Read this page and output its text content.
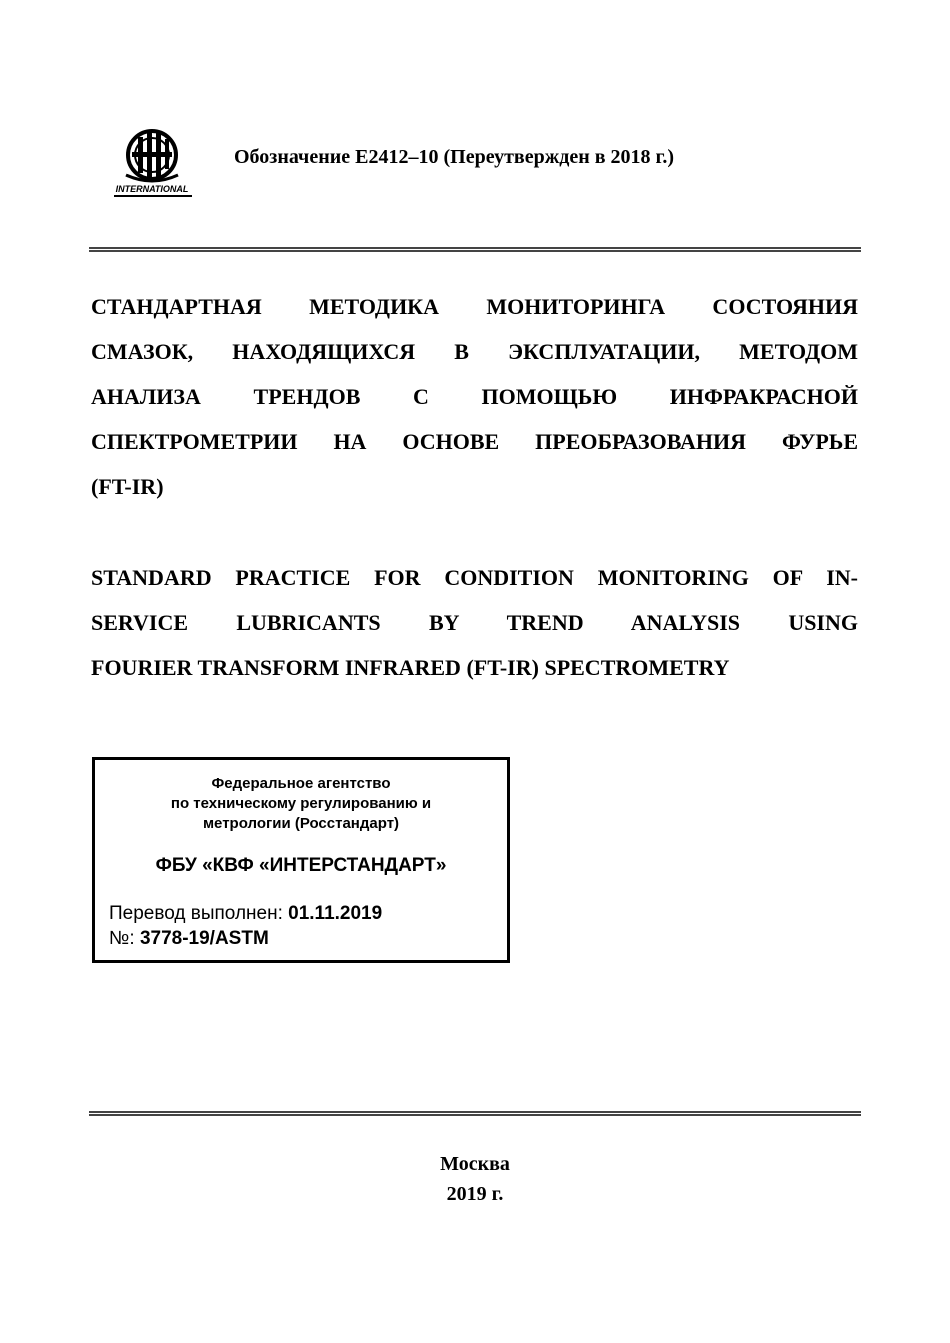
INTERNATIONAL
Обозначение E2412–10 (Переутвержден в 2018 г.)
СТАНДАРТНАЯ МЕТОДИКА МОНИТОРИНГА СОСТОЯНИЯ
СМАЗОК, НАХОДЯЩИХСЯ В ЭКСПЛУАТАЦИИ, МЕТОДОМ
АНАЛИЗА ТРЕНДОВ С ПОМОЩЬЮ ИНФРАКРАСНОЙ
СПЕКТРОМЕТРИИ НА ОСНОВЕ ПРЕОБРАЗОВАНИЯ ФУРЬЕ
(FT-IR)
STANDARD PRACTICE FOR CONDITION MONITORING OF IN-
SERVICE LUBRICANTS BY TREND ANALYSIS USING
FOURIER TRANSFORM INFRARED (FT-IR) SPECTROMETRY
Федеральное агентство
по техническому регулированию и
метрологии (Росстандарт)
ФБУ «КВФ «ИНТЕРСТАНДАРТ»
Перевод выполнен: 01.11.2019
№: 3778-19/ASTM
Москва
2019 г.
